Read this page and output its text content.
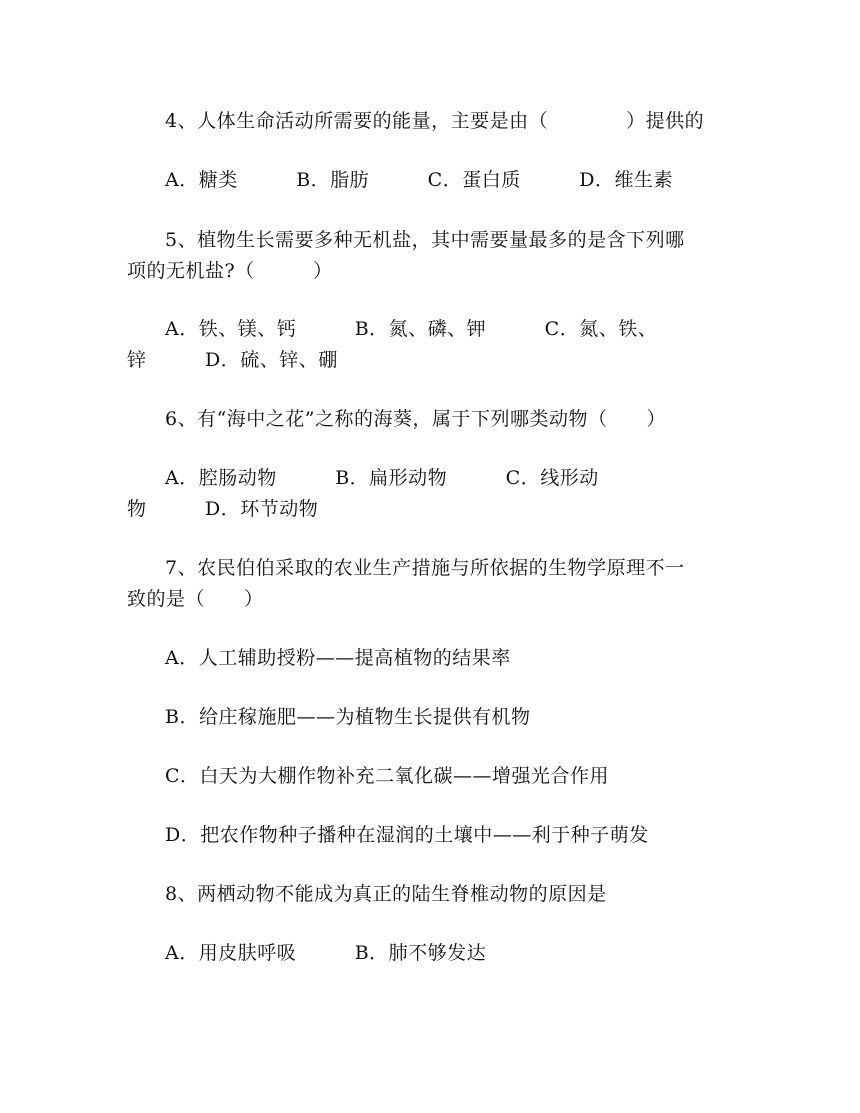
4、人体生命活动所需要的能量，主要是由（　　　　）提供的
A．糖类　　　B．脂肪　　　C．蛋白质　　　D．维生素
5、植物生长需要多种无机盐，其中需要量最多的是含下列哪
项的无机盐?（　　　）
A．铁、镁、钙　　　B．氮、磷、钾　　　C．氮、铁、
锌　　　D．硫、锌、硼
6、有“海中之花”之称的海葵，属于下列哪类动物（　　）
A．腔肠动物　　　B．扁形动物　　　C．线形动
物　　　D．环节动物
7、农民伯伯采取的农业生产措施与所依据的生物学原理不一
致的是（　　）
A．人工辅助授粉——提高植物的结果率
B．给庄稼施肥——为植物生长提供有机物
C．白天为大棚作物补充二氧化碳——增强光合作用
D．把农作物种子播种在湿润的土壤中——利于种子萌发
8、两栖动物不能成为真正的陆生脊椎动物的原因是
A．用皮肤呼吸　　　B．肺不够发达
